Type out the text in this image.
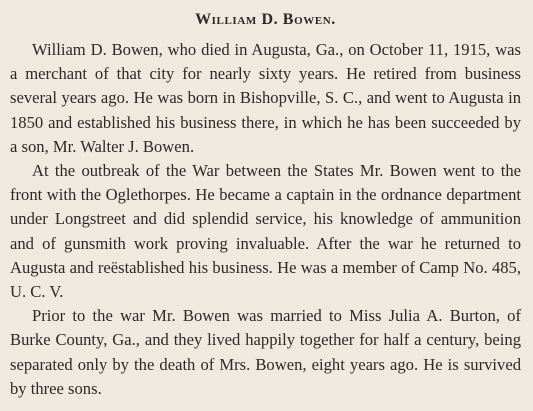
William D. Bowen.

William D. Bowen, who died in Augusta, Ga., on October 11, 1915, was a merchant of that city for nearly sixty years. He retired from business several years ago. He was born in Bishopville, S. C., and went to Augusta in 1850 and established his business there, in which he has been succeeded by a son, Mr. Walter J. Bowen.

At the outbreak of the War between the States Mr. Bowen went to the front with the Oglethorpes. He became a captain in the ordnance department under Longstreet and did splendid service, his knowledge of ammunition and of gunsmith work proving invaluable. After the war he returned to Augusta and reëstablished his business. He was a member of Camp No. 485, U. C. V.

Prior to the war Mr. Bowen was married to Miss Julia A. Burton, of Burke County, Ga., and they lived happily together for half a century, being separated only by the death of Mrs. Bowen, eight years ago. He is survived by three sons.
